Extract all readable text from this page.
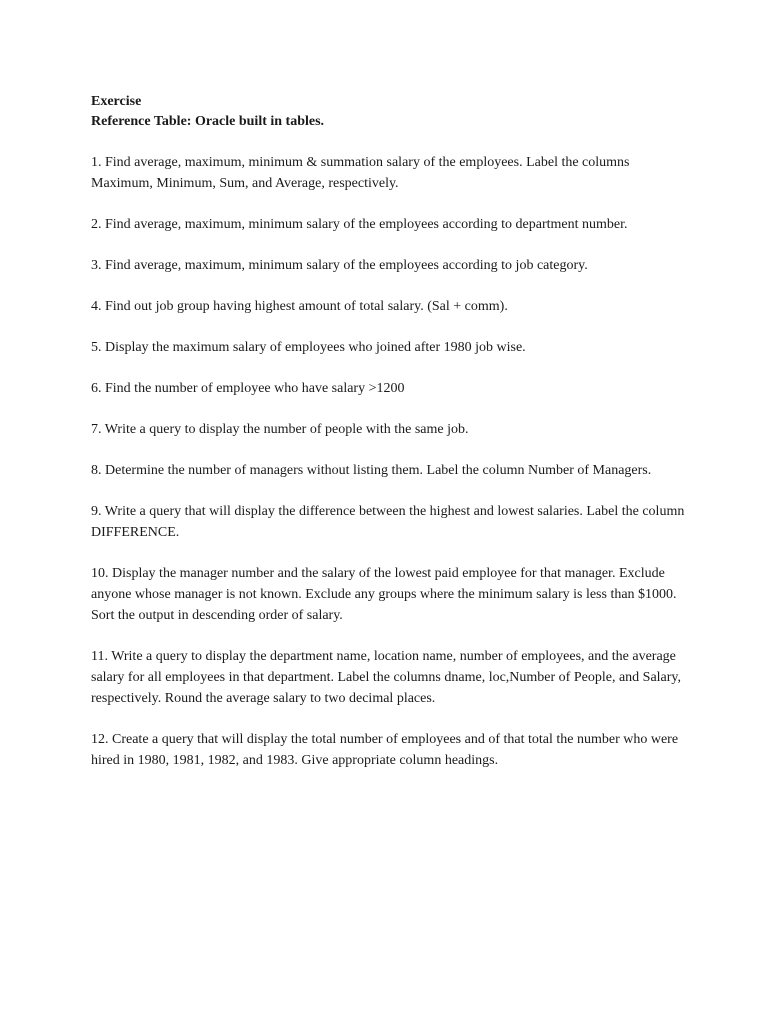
Exercise

Reference Table: Oracle built in tables.

1. Find average, maximum, minimum & summation salary of the employees. Label the columns Maximum, Minimum, Sum, and Average, respectively.

2. Find average, maximum, minimum salary of the employees according to department number.

3. Find average, maximum, minimum salary of the employees according to job category.

4. Find out job group having highest amount of total salary. (Sal + comm).

5. Display the maximum salary of employees who joined after 1980 job wise.

6. Find the number of employee who have salary >1200

7. Write a query to display the number of people with the same job.

8. Determine the number of managers without listing them. Label the column Number of Managers.

9. Write a query that will display the difference between the highest and lowest salaries. Label the column DIFFERENCE.

10. Display the manager number and the salary of the lowest paid employee for that manager. Exclude anyone whose manager is not known. Exclude any groups where the minimum salary is less than $1000. Sort the output in descending order of salary.

11. Write a query to display the department name, location name, number of employees, and the average salary for all employees in that department. Label the columns dname, loc,Number of People, and Salary, respectively. Round the average salary to two decimal places.

12. Create a query that will display the total number of employees and of that total the number who were hired in 1980, 1981, 1982, and 1983. Give appropriate column headings.
